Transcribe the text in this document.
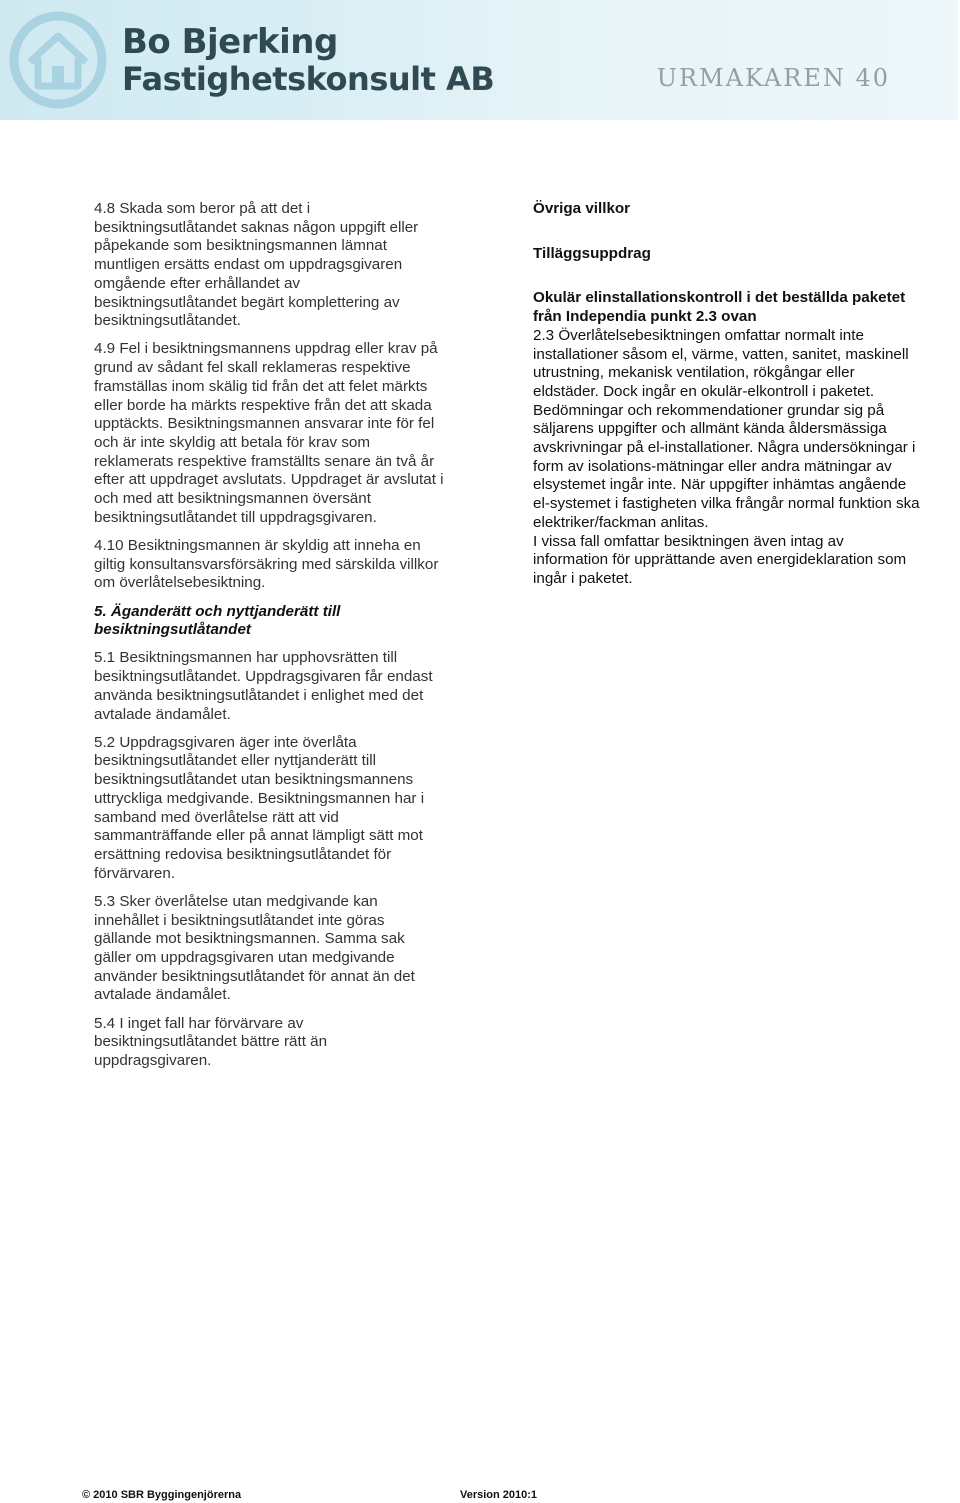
Bo Bjerking
Fastighetskonsult AB	URMAKAREN 40

4.8 Skada som beror på att det i besiktningsutlåtandet saknas någon uppgift eller påpekande som besiktningsmannen lämnat muntligen ersätts endast om uppdragsgivaren omgående efter erhållandet av besiktningsutlåtandet begärt komplettering av besiktningsutlåtandet.

4.9 Fel i besiktningsmannens uppdrag eller krav på grund av sådant fel skall reklameras respektive framställas inom skälig tid från det att felet märkts eller borde ha märkts respektive från det att skada upptäckts. Besiktningsmannen ansvarar inte för fel och är inte skyldig att betala för krav som reklamerats respektive framställts senare än två år efter att uppdraget avslutats. Uppdraget är avslutat i och med att besiktningsmannen översänt besiktningsutlåtandet till uppdragsgivaren.

4.10 Besiktningsmannen är skyldig att inneha en giltig konsultansvarsförsäkring med särskilda villkor om överlåtelsebesiktning.

5. Äganderätt och nyttjanderätt till besiktningsutlåtandet

5.1 Besiktningsmannen har upphovsrätten till besiktningsutlåtandet. Uppdragsgivaren får endast använda besiktningsutlåtandet i enlighet med det avtalade ändamålet.

5.2 Uppdragsgivaren äger inte överlåta besiktningsutlåtandet eller nyttjanderätt till besiktningsutlåtandet utan besiktningsmannens uttryckliga medgivande. Besiktningsmannen har i samband med överlåtelse rätt att vid sammanträffande eller på annat lämpligt sätt mot ersättning redovisa besiktningsutlåtandet för förvärvaren.

5.3 Sker överlåtelse utan medgivande kan innehållet i besiktningsutlåtandet inte göras gällande mot besiktningsmannen. Samma sak gäller om uppdragsgivaren utan medgivande använder besiktningsutlåtandet för annat än det avtalade ändamålet.

5.4 I inget fall har förvärvare av besiktningsutlåtandet bättre rätt än uppdragsgivaren.

Övriga villkor
Tilläggsuppdrag
Okulär elinstallationskontroll i det beställda paketet från Independia punkt 2.3 ovan
2.3 Överlåtelsebesiktningen omfattar normalt inte installationer såsom el, värme, vatten, sanitet, maskinell utrustning, mekanisk ventilation, rökgångar eller eldstäder. Dock ingår en okulär-elkontroll i paketet. Bedömningar och rekommendationer grundar sig på säljarens uppgifter och allmänt kända åldersmässiga avskrivningar på el-installationer. Några undersökningar i form av isolations-mätningar eller andra mätningar av elsystemet ingår inte. När uppgifter inhämtas angående el-systemet i fastigheten vilka frångår normal funktion ska elektriker/fackman anlitas.
I vissa fall omfattar besiktningen även intag av information för upprättande aven energideklaration som ingår i paketet.
© 2010 SBR Byggingenjörerna	Version 2010:1
